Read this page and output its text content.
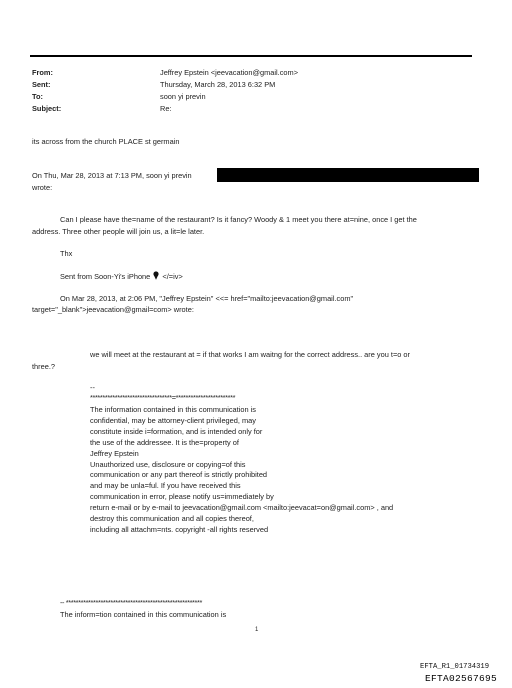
From:	Jeffrey Epstein <jeevacation@gmail.com>
Sent:	Thursday, March 28, 2013 6:32 PM
To:	soon yi previn
Subject:	Re:
its across from the church PLACE st germain
On Thu, Mar 28, 2013 at 7:13 PM, soon yi previn
wrote:
Can I please have the=name of the restaurant? Is it fancy? Woody & 1 meet you there at=nine, once I get the
address. Three other people will join us, a lit=le later.
Thx
Sent from Soon-Yi's iPhone </=iv>
On Mar 28, 2013, at 2:06 PM, "Jeffrey Epstein" <<= href="mailto:jeevacation@gmail.com"
target="_blank">jeevacation@gmail=com> wrote:
we will meet at the restaurant at = if that works I am waitng for the correct address.. are you t=o or
three.?
--
*********************************=************************
The information contained in this communication is
confidential, may be attorney-client privileged, may
constitute inside i=formation, and is intended only for
the use of the addressee. It is the=property of
Jeffrey Epstein
Unauthorized use, disclosure or copying=of this
communication or any part thereof is strictly prohibited
and may be unla=ful. If you have received this
communication in error, please notify us=immediately by
return e-mail or by e-mail to jeevacation@gmail.com <mailto:jeevacat=on@gmail.com> , and
destroy this communication and all copies thereof,
including all attachm=nts. copyright -all rights reserved
-- *******************************************************
The inform=tion contained in this communication is
1
EFTA_R1_01734319
EFTA02567695
